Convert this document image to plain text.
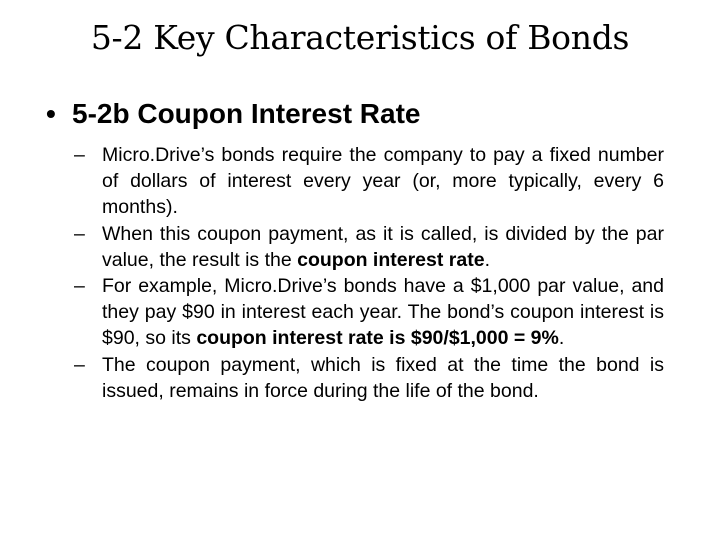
5-2 Key Characteristics of Bonds
• 5-2b Coupon Interest Rate
– Micro.Drive’s bonds require the company to pay a fixed number of dollars of interest every year (or, more typically, every 6 months).
– When this coupon payment, as it is called, is divided by the par value, the result is the coupon interest rate.
– For example, Micro.Drive’s bonds have a $1,000 par value, and they pay $90 in interest each year. The bond’s coupon interest is $90, so its coupon interest rate is $90/$1,000 = 9%.
– The coupon payment, which is fixed at the time the bond is issued, remains in force during the life of the bond.
